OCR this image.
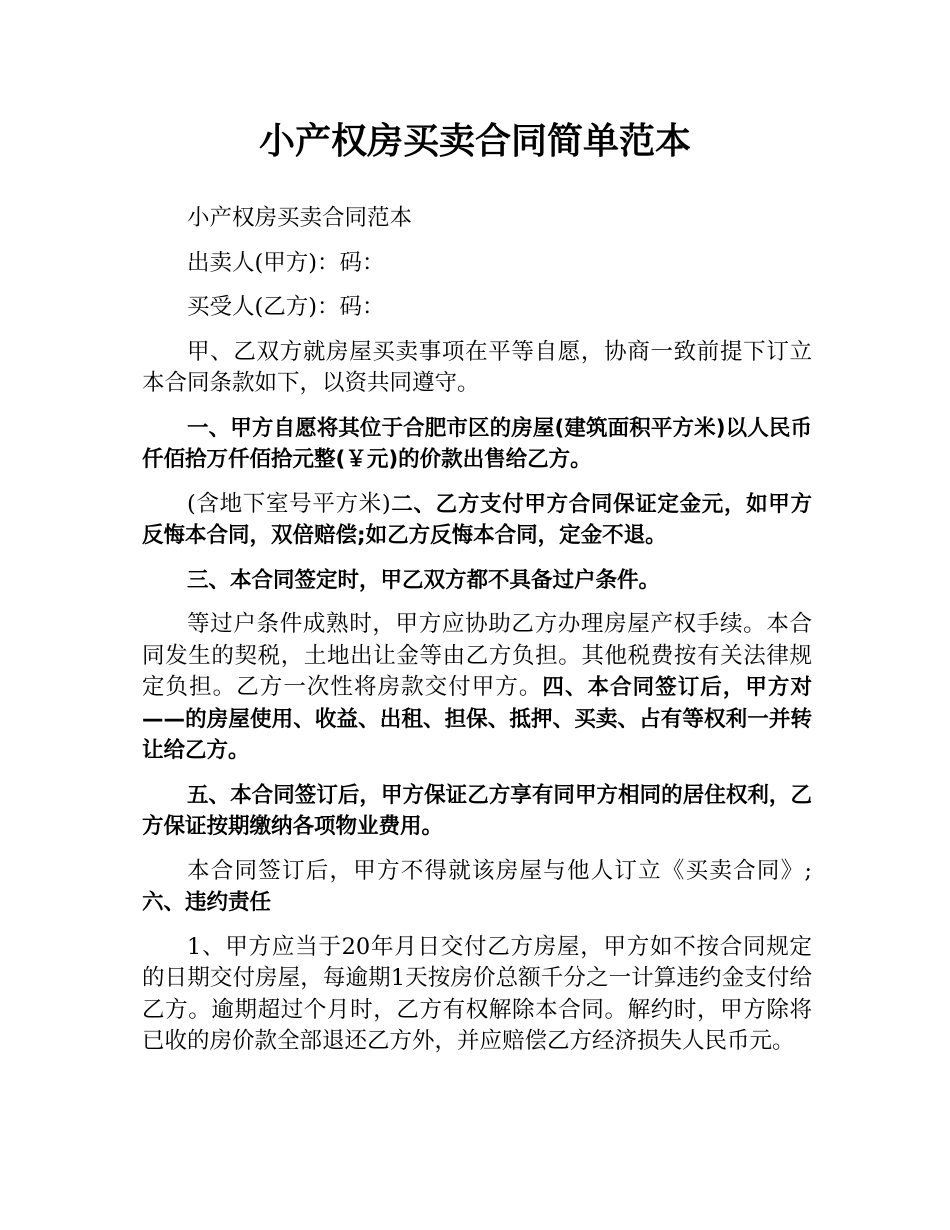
小产权房买卖合同简单范本

小产权房买卖合同范本

出卖人(甲方)：码：

买受人(乙方)：码：

甲、乙双方就房屋买卖事项在平等自愿，协商一致前提下订立本合同条款如下，以资共同遵守。

一、甲方自愿将其位于合肥市区的房屋(建筑面积平方米)以人民币仟佰拾万仟佰拾元整(￥元)的价款出售给乙方。

(含地下室号平方米)二、乙方支付甲方合同保证定金元，如甲方反悔本合同，双倍赔偿;如乙方反悔本合同，定金不退。

三、本合同签定时，甲乙双方都不具备过户条件。

等过户条件成熟时，甲方应协助乙方办理房屋产权手续。本合同发生的契税，土地出让金等由乙方负担。其他税费按有关法律规定负担。乙方一次性将房款交付甲方。四、本合同签订后，甲方对——的房屋使用、收益、出租、担保、抵押、买卖、占有等权利一并转让给乙方。

五、本合同签订后，甲方保证乙方享有同甲方相同的居住权利，乙方保证按期缴纳各项物业费用。

本合同签订后，甲方不得就该房屋与他人订立《买卖合同》;六、违约责任

1、甲方应当于20年月日交付乙方房屋，甲方如不按合同规定的日期交付房屋，每逾期1天按房价总额千分之一计算违约金支付给乙方。逾期超过个月时，乙方有权解除本合同。解约时，甲方除将已收的房价款全部退还乙方外，并应赔偿乙方经济损失人民币元。
